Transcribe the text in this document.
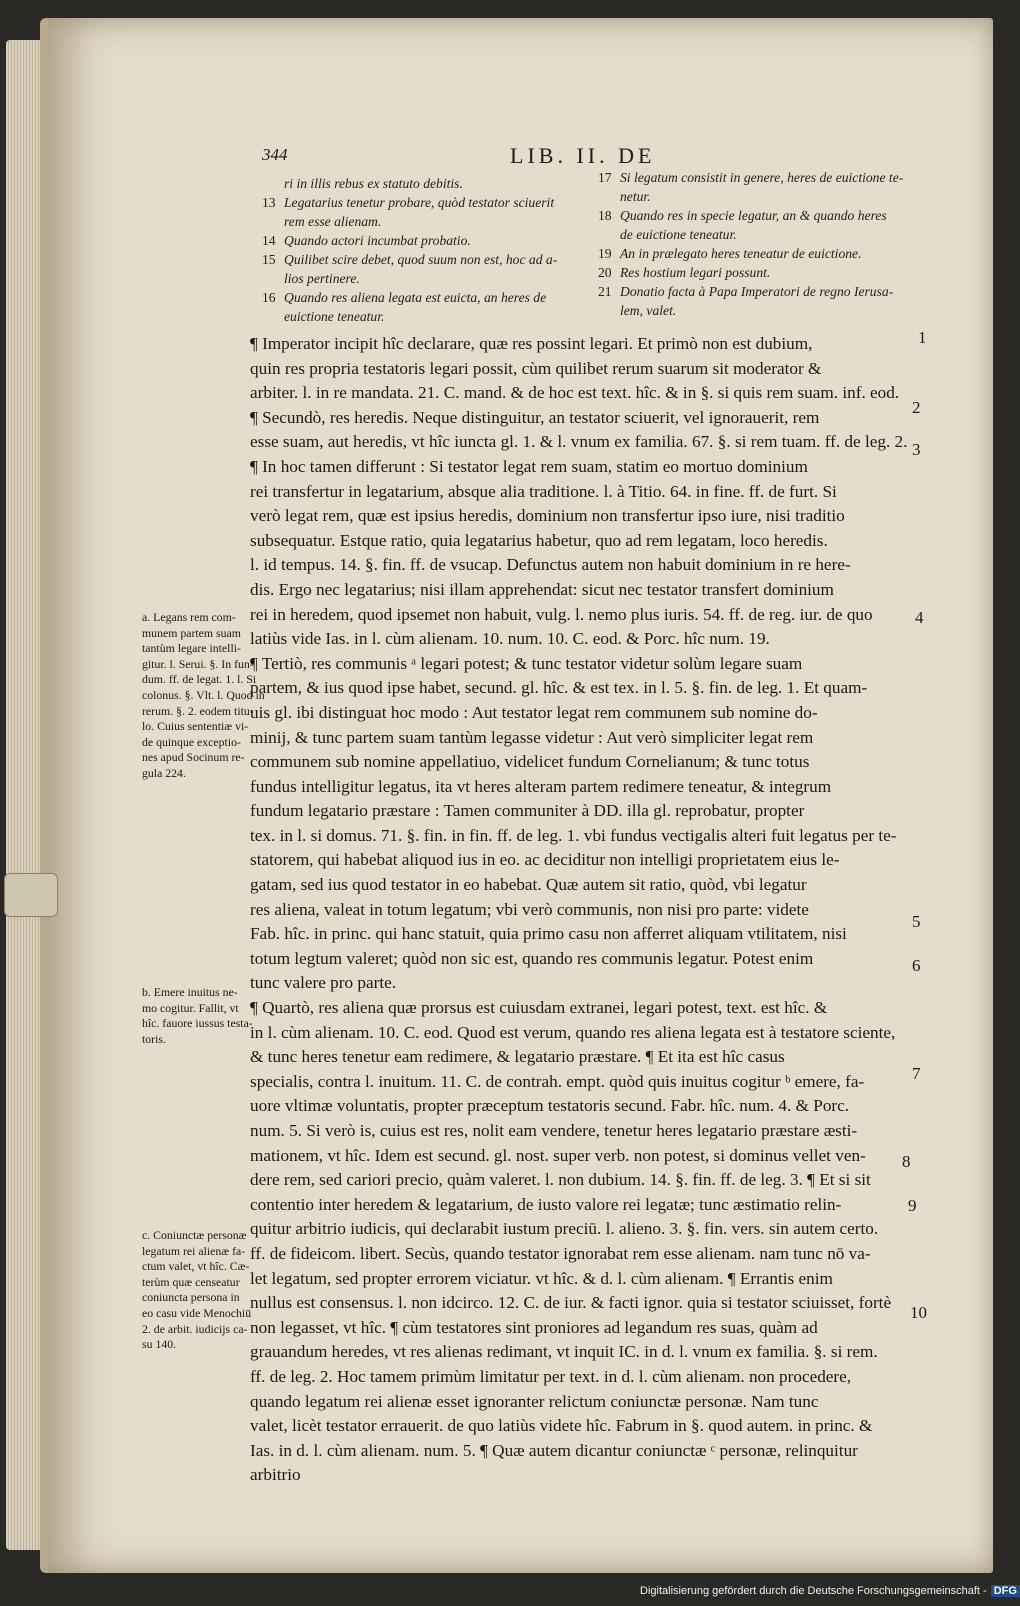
344	LIB. II. DE
ri in illis rebus ex statuto debitis.
13 Legatarius tenetur probare, quòd testator sciuerit
rem esse alienam.
14 Quando actori incumbat probatio.
15 Quilibet scire debet, quod suum non est, hoc ad a-
lios pertinere.
16 Quando res aliena legata est euicta, an heres de
euictione teneatur.
17 Si legatum consistit in genere, heres de euictione te-
netur.
18 Quando res in specie legatur, an & quando heres
de euictione teneatur.
19 An in prælegato heres teneatur de euictione.
20 Res hostium legari possunt.
21 Donatio facta à Papa Imperatori de regno Ierusa-
lem, valet.
¶ Imperator incipit hîc declarare, quæ res possint legari. Et primò non est dubium,
quin res propria testatoris legari possit, cùm quilibet rerum suarum sit moderator &
arbiter. l. in re mandata. 21. C. mand. & de hoc est text. hîc. & in §. si quis rem suam. inf. eod.
¶ Secundò, res heredis. Neque distinguitur, an testator sciuerit, vel ignorauerit, rem
esse suam, aut heredis, vt hîc iuncta gl. 1. & l. vnum ex familia. 67. §. si rem tuam. ff. de leg. 2.
¶ In hoc tamen differunt : Si testator legat rem suam, statim eo mortuo dominium
rei transfertur in legatarium, absque alia traditione. l. à Titio. 64. in fine. ff. de furt. Si
verò legat rem, quæ est ipsius heredis, dominium non transfertur ipso iure, nisi traditio
subsequatur. Estque ratio, quia legatarius habetur, quo ad rem legatam, loco heredis.
l. id tempus. 14. §. fin. ff. de vsucap. Defunctus autem non habuit dominium in re here-
dis. Ergo nec legatarius; nisi illam apprehendat: sicut nec testator transfert dominium
rei in heredem, quod ipsemet non habuit, vulg. l. nemo plus iuris. 54. ff. de reg. iur. de quo
latiùs vide Ias. in l. cùm alienam. 10. num. 10. C. eod. & Porc. hîc num. 19.
¶ Tertiò, res communis ᵃ legari potest; & tunc testator videtur solùm legare suam
partem, & ius quod ipse habet, secund. gl. hîc. & est tex. in l. 5. §. fin. de leg. 1. Et quam-
uis gl. ibi distinguat hoc modo : Aut testator legat rem communem sub nomine do-
minij, & tunc partem suam tantùm legasse videtur : Aut verò simpliciter legat rem
communem sub nomine appellatiuo, videlicet fundum Cornelianum; & tunc totus
fundus intelligitur legatus, ita vt heres alteram partem redimere teneatur, & integrum
fundum legatario præstare : Tamen communiter à DD. illa gl. reprobatur, propter
tex. in l. si domus. 71. §. fin. in fin. ff. de leg. 1. vbi fundus vectigalis alteri fuit legatus per te-
statorem, qui habebat aliquod ius in eo. ac deciditur non intelligi proprietatem eius le-
gatam, sed ius quod testator in eo habebat. Quæ autem sit ratio, quòd, vbi legatur
res aliena, valeat in totum legatum; vbi verò communis, non nisi pro parte: videte
Fab. hîc. in princ. qui hanc statuit, quia primo casu non afferret aliquam vtilitatem, nisi
totum legtum valeret; quòd non sic est, quando res communis legatur. Potest enim
tunc valere pro parte.
¶ Quartò, res aliena quæ prorsus est cuiusdam extranei, legari potest, text. est hîc. &
in l. cùm alienam. 10. C. eod. Quod est verum, quando res aliena legata est à testatore sciente,
& tunc heres tenetur eam redimere, & legatario præstare. ¶ Et ita est hîc casus
specialis, contra l. inuitum. 11. C. de contrah. empt. quòd quis inuitus cogitur ᵇ emere, fa-
uore vltimæ voluntatis, propter præceptum testatoris secund. Fabr. hîc. num. 4. & Porc.
num. 5. Si verò is, cuius est res, nolit eam vendere, tenetur heres legatario præstare æsti-
mationem, vt hîc. Idem est secund. gl. nost. super verb. non potest, si dominus vellet ven-
dere rem, sed cariori precio, quàm valeret. l. non dubium. 14. §. fin. ff. de leg. 3. ¶ Et si sit
contentio inter heredem & legatarium, de iusto valore rei legatæ; tunc æstimatio relin-
quitur arbitrio iudicis, qui declarabit iustum preciū. l. alieno. 3. §. fin. vers. sin autem certo.
ff. de fideicom. libert. Secùs, quando testator ignorabat rem esse alienam. nam tunc nō va-
let legatum, sed propter errorem viciatur. vt hîc. & d. l. cùm alienam. ¶ Errantis enim
nullus est consensus. l. non idcirco. 12. C. de iur. & facti ignor. quia si testator sciuisset, fortè
non legasset, vt hîc. ¶ cùm testatores sint proniores ad legandum res suas, quàm ad
grauandum heredes, vt res alienas redimant, vt inquit IC. in d. l. vnum ex familia. §. si rem.
ff. de leg. 2. Hoc tamem primùm limitatur per text. in d. l. cùm alienam. non procedere,
quando legatum rei alienæ esset ignoranter relictum coniunctæ personæ. Nam tunc
valet, licèt testator errauerit. de quo latiùs videte hîc. Fabrum in §. quod autem. in princ. &
Ias. in d. l. cùm alienam. num. 5. ¶ Quæ autem dicantur coniunctæ ᶜ personæ, relinquitur
arbitrio
1
2
3
4
5
6
7
8
9
10
a. Legans rem com-
munem partem suam
tantùm legare intelli-
gitur. l. Serui. §. In fun-
dum. ff. de legat. 1. l. Si
colonus. §. Vlt. l. Quod in
rerum. §. 2. eodem titu-
lo. Cuius sententiæ vi-
de quinque exceptio-
nes apud Socinum re-
gula 224.
b. Emere inuitus ne-
mo cogitur. Fallit, vt
hîc. fauore iussus testa-
toris.
c. Coniunctæ personæ
legatum rei alienæ fa-
ctum valet, vt hîc. Cæ-
terùm quæ censeatur
coniuncta persona in
eo casu vide Menochiū
2. de arbit. iudicijs ca-
su 140.
Digitalisierung gefördert durch die Deutsche Forschungsgemeinschaft - DFG
